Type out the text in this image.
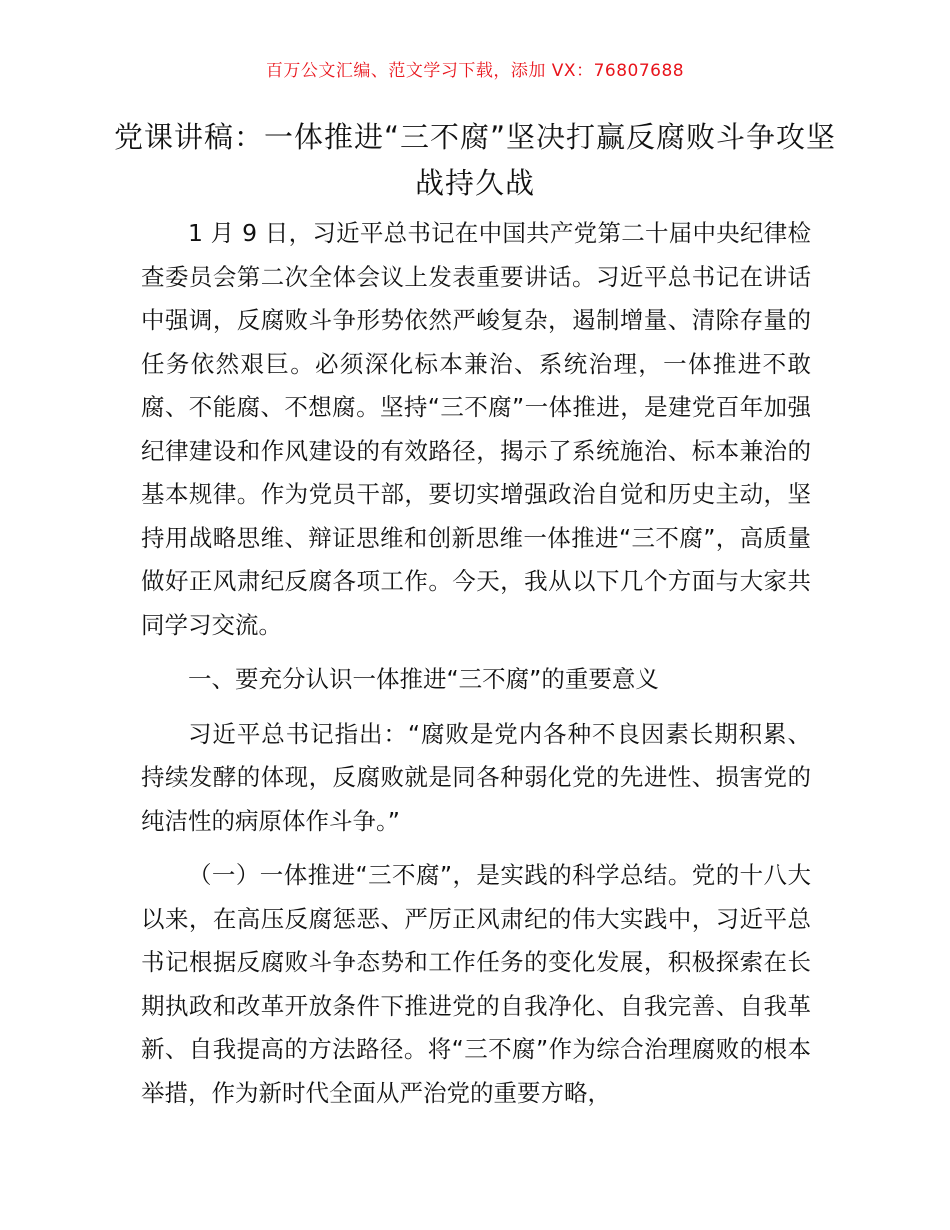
百万公文汇编、范文学习下载，添加 VX：76807688
党课讲稿：一体推进“三不腐”坚决打赢反腐败斗争攻坚战持久战

1 月 9 日，习近平总书记在中国共产党第二十届中央纪律检查委员会第二次全体会议上发表重要讲话。习近平总书记在讲话中强调，反腐败斗争形势依然严峻复杂，遏制增量、清除存量的任务依然艰巨。必须深化标本兼治、系统治理，一体推进不敢腐、不能腐、不想腐。坚持“三不腐”一体推进，是建党百年加强纪律建设和作风建设的有效路径，揭示了系统施治、标本兼治的基本规律。作为党员干部，要切实增强政治自觉和历史主动，坚持用战略思维、辩证思维和创新思维一体推进“三不腐”，高质量做好正风肃纪反腐各项工作。今天，我从以下几个方面与大家共同学习交流。

一、要充分认识一体推进“三不腐”的重要意义

习近平总书记指出：“腐败是党内各种不良因素长期积累、持续发酵的体现，反腐败就是同各种弱化党的先进性、损害党的纯洁性的病原体作斗争。”

（一）一体推进“三不腐”，是实践的科学总结。党的十八大以来，在高压反腐惩恶、严厉正风肃纪的伟大实践中，习近平总书记根据反腐败斗争态势和工作任务的变化发展，积极探索在长期执政和改革开放条件下推进党的自我净化、自我完善、自我革新、自我提高的方法路径。将“三不腐”作为综合治理腐败的根本举措，作为新时代全面从严治党的重要方略，
